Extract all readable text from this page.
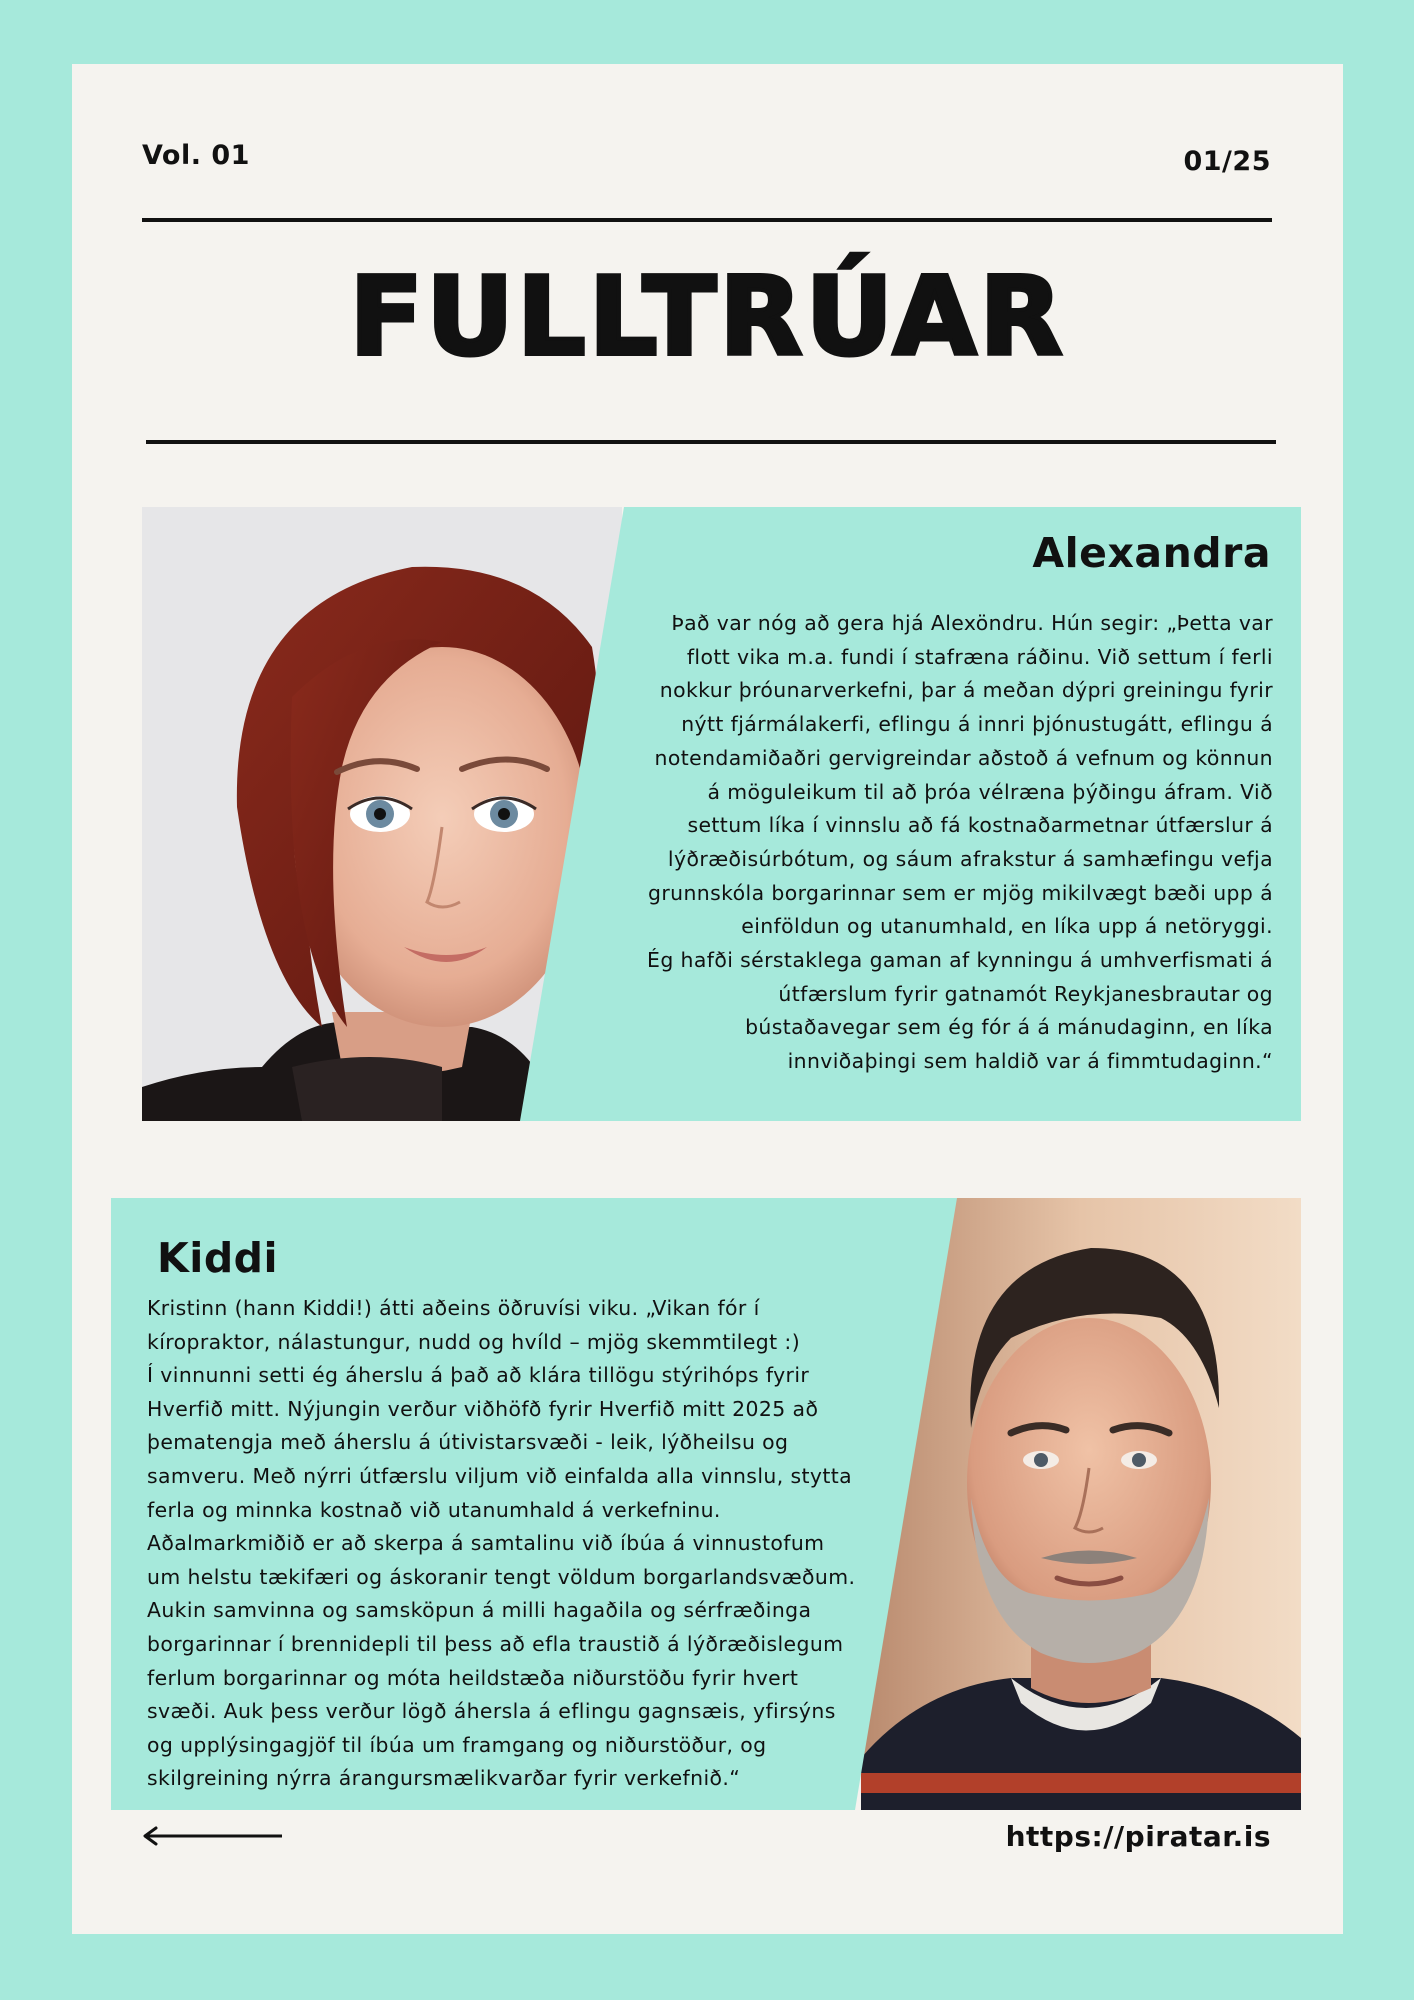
Vol. 01	01/25
FULLTRÚAR
Alexandra
Það var nóg að gera hjá Alexöndru. Hún segir: „Þetta var
flott vika m.a. fundi í stafræna ráðinu. Við settum í ferli
nokkur þróunarverkefni, þar á meðan dýpri greiningu fyrir
nýtt fjármálakerfi, eflingu á innri þjónustugátt, eflingu á
notendamiðaðri gervigreindar aðstoð á vefnum og könnun
á möguleikum til að þróa vélræna þýðingu áfram. Við
settum líka í vinnslu að fá kostnaðarmetnar útfærslur á
lýðræðisúrbótum, og sáum afrakstur á samhæfingu vefja
grunnskóla borgarinnar sem er mjög mikilvægt bæði upp á
einföldun og utanumhald, en líka upp á netöryggi.
Ég hafði sérstaklega gaman af kynningu á umhverfismati á
útfærslum fyrir gatnamót Reykjanesbrautar og
bústaðavegar sem ég fór á á mánudaginn, en líka
innviðaþingi sem haldið var á fimmtudaginn.“
Kiddi
Kristinn (hann Kiddi!) átti aðeins öðruvísi viku. „Vikan fór í
kíropraktor, nálastungur, nudd og hvíld – mjög skemmtilegt :)
Í vinnunni setti ég áherslu á það að klára tillögu stýrihóps fyrir
Hverfið mitt. Nýjungin verður viðhöfð fyrir Hverfið mitt 2025 að
þematengja með áherslu á útivistarsvæði - leik, lýðheilsu og
samveru. Með nýrri útfærslu viljum við einfalda alla vinnslu, stytta
ferla og minnka kostnað við utanumhald á verkefninu.
Aðalmarkmiðið er að skerpa á samtalinu við íbúa á vinnustofum
um helstu tækifæri og áskoranir tengt völdum borgarlandsvæðum.
Aukin samvinna og samsköpun á milli hagaðila og sérfræðinga
borgarinnar í brennidepli til þess að efla traustið á lýðræðislegum
ferlum borgarinnar og móta heildstæða niðurstöðu fyrir hvert
svæði. Auk þess verður lögð áhersla á eflingu gagnsæis, yfirsýns
og upplýsingagjöf til íbúa um framgang og niðurstöður, og
skilgreining nýrra árangursmælikvarðar fyrir verkefnið.“
https://piratar.is
